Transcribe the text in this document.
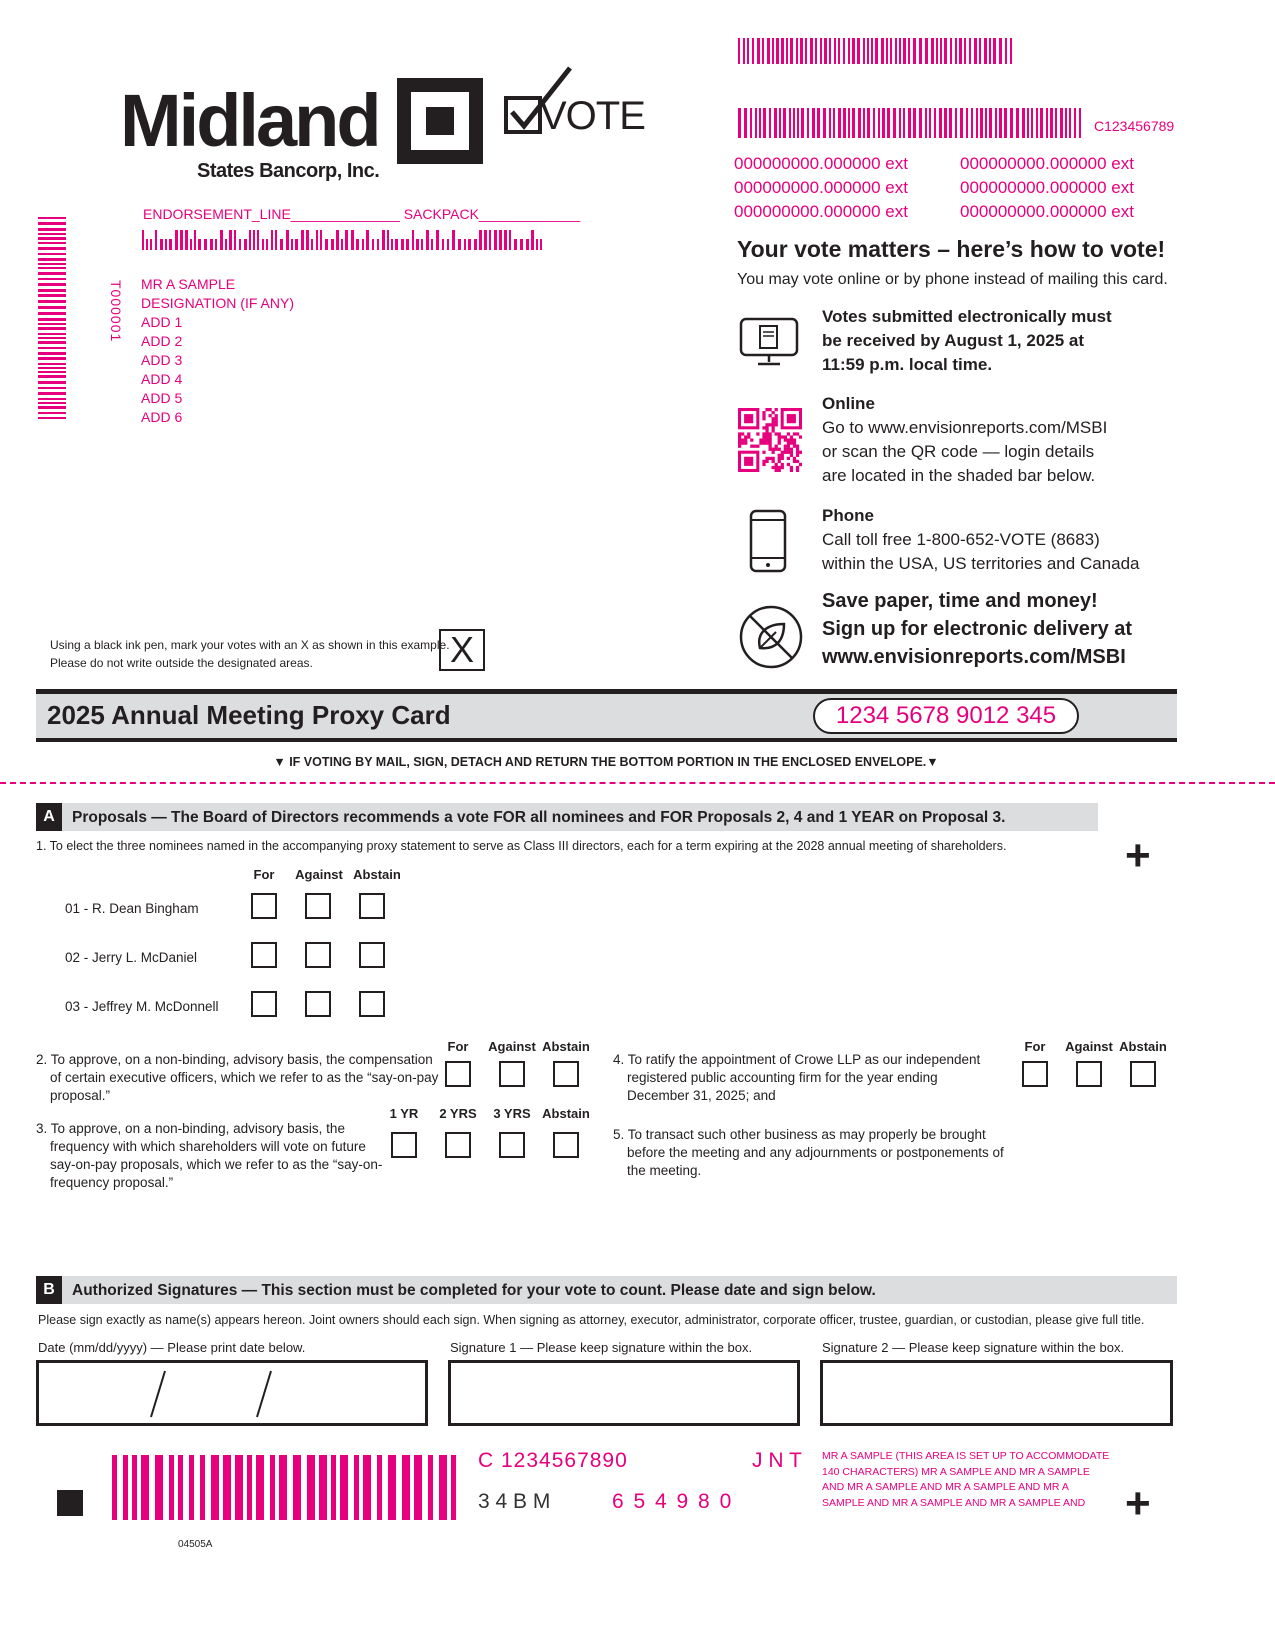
C123456789
000000000.000000 ext	000000000.000000 ext
000000000.000000 ext	000000000.000000 ext
000000000.000000 ext	000000000.000000 ext
Midland
States Bancorp, Inc.
VOTE
ENDORSEMENT_LINE______________ SACKPACK_____________
T000001 MR A SAMPLE
DESIGNATION (IF ANY)
ADD 1
ADD 2
ADD 3
ADD 4
ADD 5
ADD 6
Your vote matters – here’s how to vote!
You may vote online or by phone instead of mailing this card.
Votes submitted electronically must be received by August 1, 2025 at 11:59 p.m. local time.
Online
Go to www.envisionreports.com/MSBI or scan the QR code — login details are located in the shaded bar below.
Phone
Call toll free 1-800-652-VOTE (8683) within the USA, US territories and Canada
Save paper, time and money!
Sign up for electronic delivery at
www.envisionreports.com/MSBI
Using a black ink pen, mark your votes with an X as shown in this example.
Please do not write outside the designated areas.	X
2025 Annual Meeting Proxy Card	1234 5678 9012 345
▼ IF VOTING BY MAIL, SIGN, DETACH AND RETURN THE BOTTOM PORTION IN THE ENCLOSED ENVELOPE.▼
A	Proposals — The Board of Directors recommends a vote FOR all nominees and FOR Proposals 2, 4 and 1 YEAR on Proposal 3.
+
1. To elect the three nominees named in the accompanying proxy statement to serve as Class III directors, each for a term expiring at the 2028 annual meeting of shareholders.
For	Against Abstain
01 - R. Dean Bingham
02 - Jerry L. McDaniel
03 - Jeffrey M. McDonnell
For	Against Abstain
2. To approve, on a non-binding, advisory basis, the compensation of certain executive officers, which we refer to as the “say-on-pay proposal.”
1 YR	2 YRS	3 YRS Abstain
3. To approve, on a non-binding, advisory basis, the frequency with which shareholders will vote on future say-on-pay proposals, which we refer to as the “say-on-frequency proposal.”
For	Against Abstain
4. To ratify the appointment of Crowe LLP as our independent registered public accounting firm for the year ending December 31, 2025; and
5. To transact such other business as may properly be brought before the meeting and any adjournments or postponements of the meeting.
B	Authorized Signatures — This section must be completed for your vote to count. Please date and sign below.
Please sign exactly as name(s) appears hereon. Joint owners should each sign. When signing as attorney, executor, administrator, corporate officer, trustee, guardian, or custodian, please give full title.
Date (mm/dd/yyyy) — Please print date below.	Signature 1 — Please keep signature within the box.	Signature 2 — Please keep signature within the box.
04505A
C 1234567890	J N T
3 4 B M	6 5 4 9 8 0
MR A SAMPLE (THIS AREA IS SET UP TO ACCOMMODATE 140 CHARACTERS) MR A SAMPLE AND MR A SAMPLE AND MR A SAMPLE AND MR A SAMPLE AND MR A SAMPLE AND MR A SAMPLE AND MR A SAMPLE AND +
